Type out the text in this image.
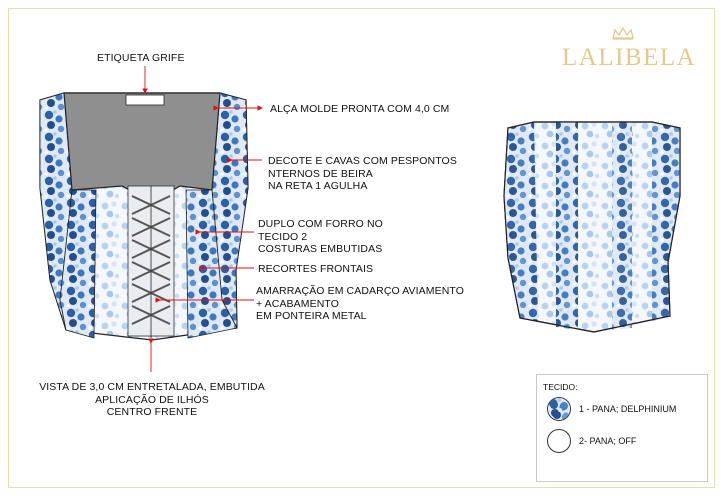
LALIBELA
ETIQUETA GRIFE
ALÇA MOLDE PRONTA COM 4,0 CM
DECOTE E CAVAS COM PESPONTOS
NTERNOS DE BEIRA
NA RETA 1 AGULHA
DUPLO COM FORRO NO
TECIDO 2
COSTURAS EMBUTIDAS
RECORTES FRONTAIS
AMARRAÇÃO EM CADARÇO AVIAMENTO
+ ACABAMENTO
EM PONTEIRA METAL
VISTA DE 3,0 CM ENTRETALADA, EMBUTIDA
APLICAÇÃO DE ILHÓS
CENTRO FRENTE
TECIDO:
1 - PANA; DELPHINIUM
2- PANA; OFF
